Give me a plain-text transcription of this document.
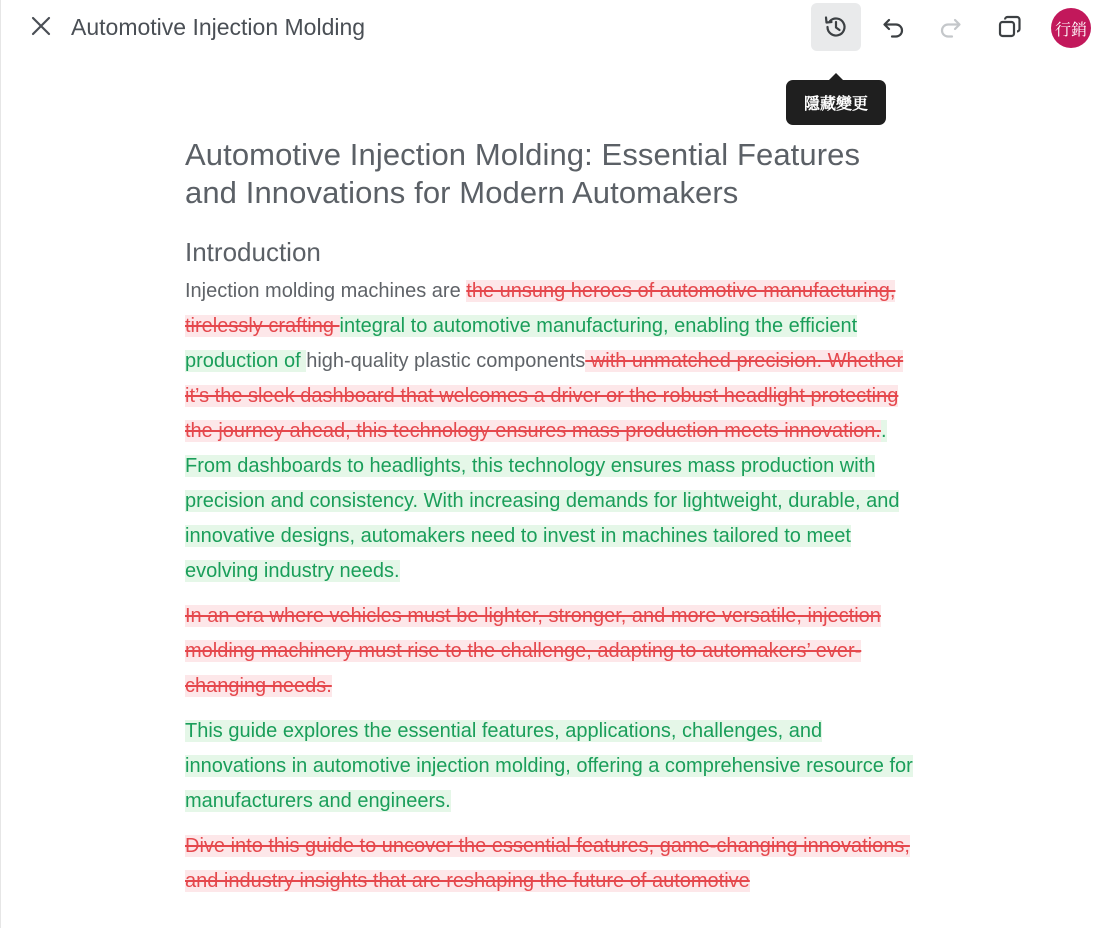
Automotive Injection Molding	行銷
隱藏變更
Automotive Injection Molding: Essential Features and Innovations for Modern Automakers
Introduction

Injection molding machines are the unsung heroes of automotive manufacturing, tirelessly crafting integral to automotive manufacturing, enabling the efficient production of high-quality plastic components with unmatched precision. Whether it’s the sleek dashboard that welcomes a driver or the robust headlight protecting the journey ahead, this technology ensures mass production meets innovation.. From dashboards to headlights, this technology ensures mass production with precision and consistency. With increasing demands for lightweight, durable, and innovative designs, automakers need to invest in machines tailored to meet evolving industry needs.

In an era where vehicles must be lighter, stronger, and more versatile, injection molding machinery must rise to the challenge, adapting to automakers’ ever-changing needs.

This guide explores the essential features, applications, challenges, and innovations in automotive injection molding, offering a comprehensive resource for manufacturers and engineers.

Dive into this guide to uncover the essential features, game-changing innovations, and industry insights that are reshaping the future of automotive
